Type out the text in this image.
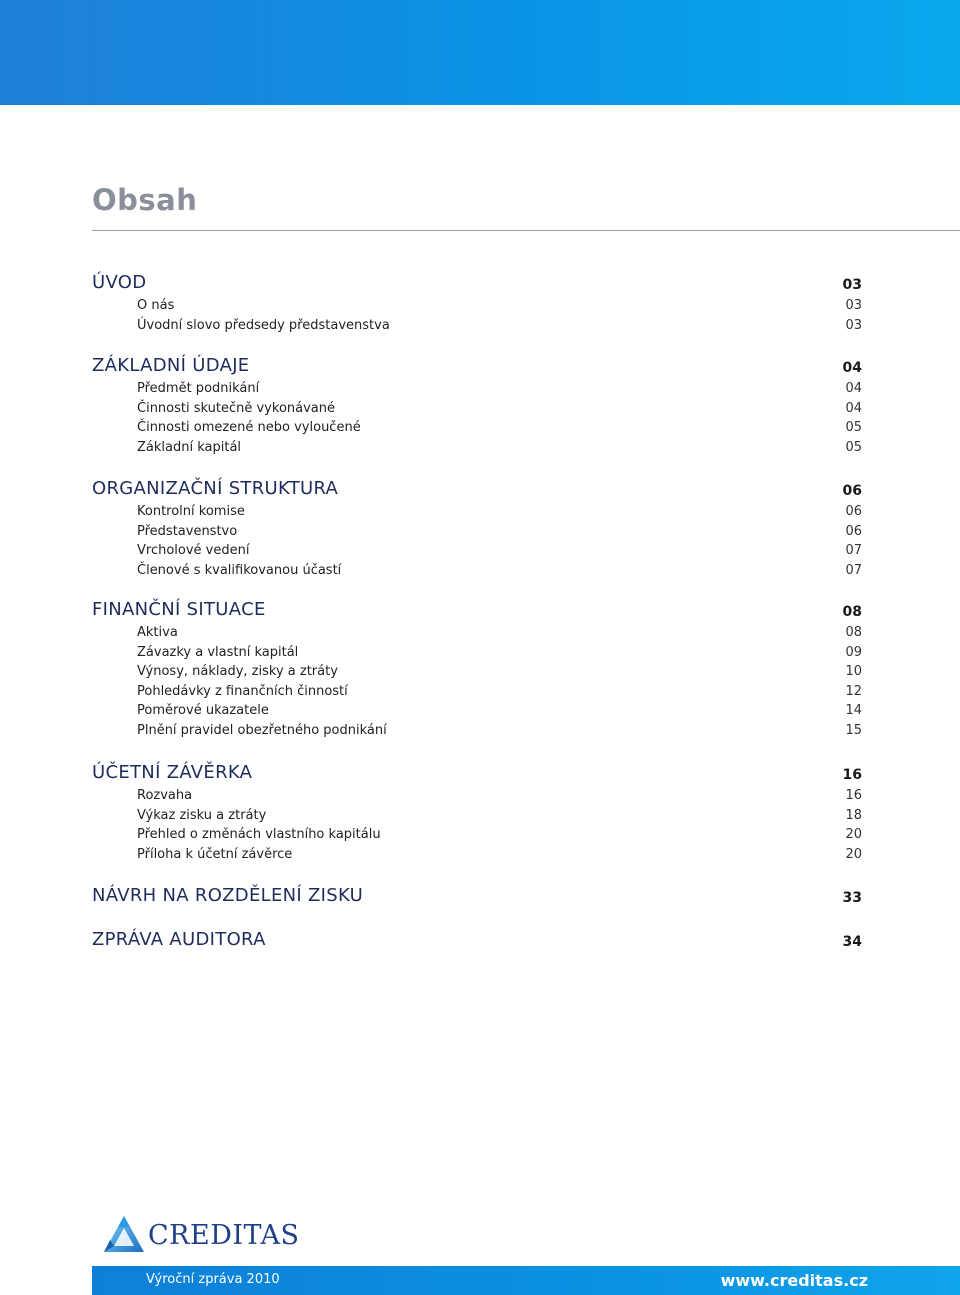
Obsah
ÚVOD	03
O nás	03
Úvodní slovo předsedy představenstva	03
ZÁKLADNÍ ÚDAJE	04
Předmět podnikání	04
Činnosti skutečně vykonávané	04
Činnosti omezené nebo vyloučené	05
Základní kapitál	05
ORGANIZAČNÍ STRUKTURA	06
Kontrolní komise	06
Představenstvo	06
Vrcholové vedení	07
Členové s kvalifikovanou účastí	07
FINANČNÍ SITUACE	08
Aktiva	08
Závazky a vlastní kapitál	09
Výnosy, náklady, zisky a ztráty	10
Pohledávky z finančních činností	12
Poměrové ukazatele	14
Plnění pravidel obezřetného podnikání	15
ÚČETNÍ ZÁVĚRKA	16
Rozvaha	16
Výkaz zisku a ztráty	18
Přehled o změnách vlastního kapitálu	20
Příloha k účetní závěrce	20
NÁVRH NA ROZDĚLENÍ ZISKU	33
ZPRÁVA AUDITORA	34
CREDITAS
Výroční zpráva 2010	www.creditas.cz
